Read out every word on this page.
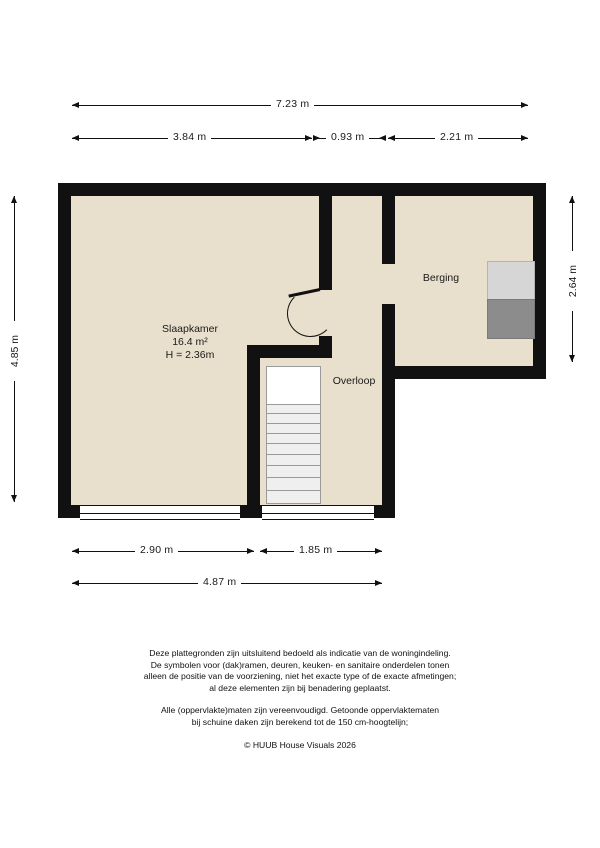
7.23 m
3.84 m	0.93 m	2.21 m
4.85 m
2.64 m
Slaapkamer
16.4 m²
H = 2.36m
Overloop
Berging
2.90 m	1.85 m
4.87 m

Deze plattegronden zijn uitsluitend bedoeld als indicatie van de woningindeling.

De symbolen voor (dak)ramen, deuren, keuken- en sanitaire onderdelen tonen

alleen de positie van de voorziening, niet het exacte type of de exacte afmetingen;

al deze elementen zijn bij benadering geplaatst.

Alle (oppervlakte)maten zijn vereenvoudigd. Getoonde oppervlaktematen

bij schuine daken zijn berekend tot de 150 cm-hoogtelijn;

© HUUB House Visuals 2026
